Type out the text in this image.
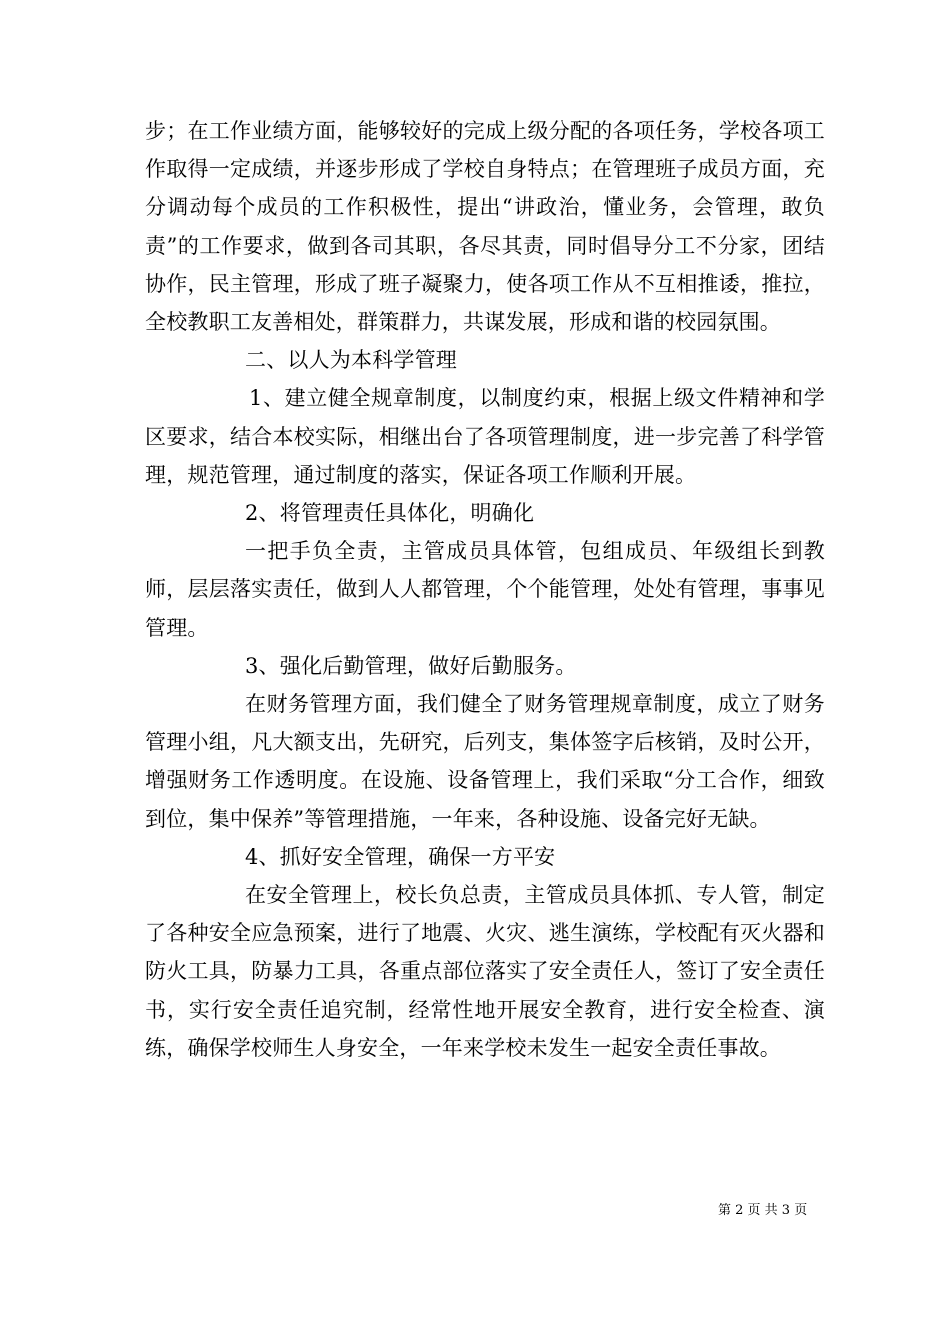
步；在工作业绩方面，能够较好的完成上级分配的各项任务，学校各项工作取得一定成绩，并逐步形成了学校自身特点；在管理班子成员方面，充分调动每个成员的工作积极性，提出“讲政治，懂业务，会管理，敢负责”的工作要求，做到各司其职，各尽其责，同时倡导分工不分家，团结协作，民主管理，形成了班子凝聚力，使各项工作从不互相推诿，推拉，全校教职工友善相处，群策群力，共谋发展，形成和谐的校园氛围。

二、以人为本科学管理

1、建立健全规章制度，以制度约束，根据上级文件精神和学区要求，结合本校实际，相继出台了各项管理制度，进一步完善了科学管理，规范管理，通过制度的落实，保证各项工作顺利开展。

2、将管理责任具体化，明确化

一把手负全责，主管成员具体管，包组成员、年级组长到教师，层层落实责任，做到人人都管理，个个能管理，处处有管理，事事见管理。

3、强化后勤管理，做好后勤服务。

在财务管理方面，我们健全了财务管理规章制度，成立了财务管理小组，凡大额支出，先研究，后列支，集体签字后核销，及时公开，增强财务工作透明度。在设施、设备管理上，我们采取“分工合作，细致到位，集中保养”等管理措施，一年来，各种设施、设备完好无缺。

4、抓好安全管理，确保一方平安

在安全管理上，校长负总责，主管成员具体抓、专人管，制定了各种安全应急预案，进行了地震、火灾、逃生演练，学校配有灭火器和防火工具，防暴力工具，各重点部位落实了安全责任人，签订了安全责任书，实行安全责任追究制，经常性地开展安全教育，进行安全检查、演练，确保学校师生人身安全，一年来学校未发生一起安全责任事故。

第 2 页 共 3 页
